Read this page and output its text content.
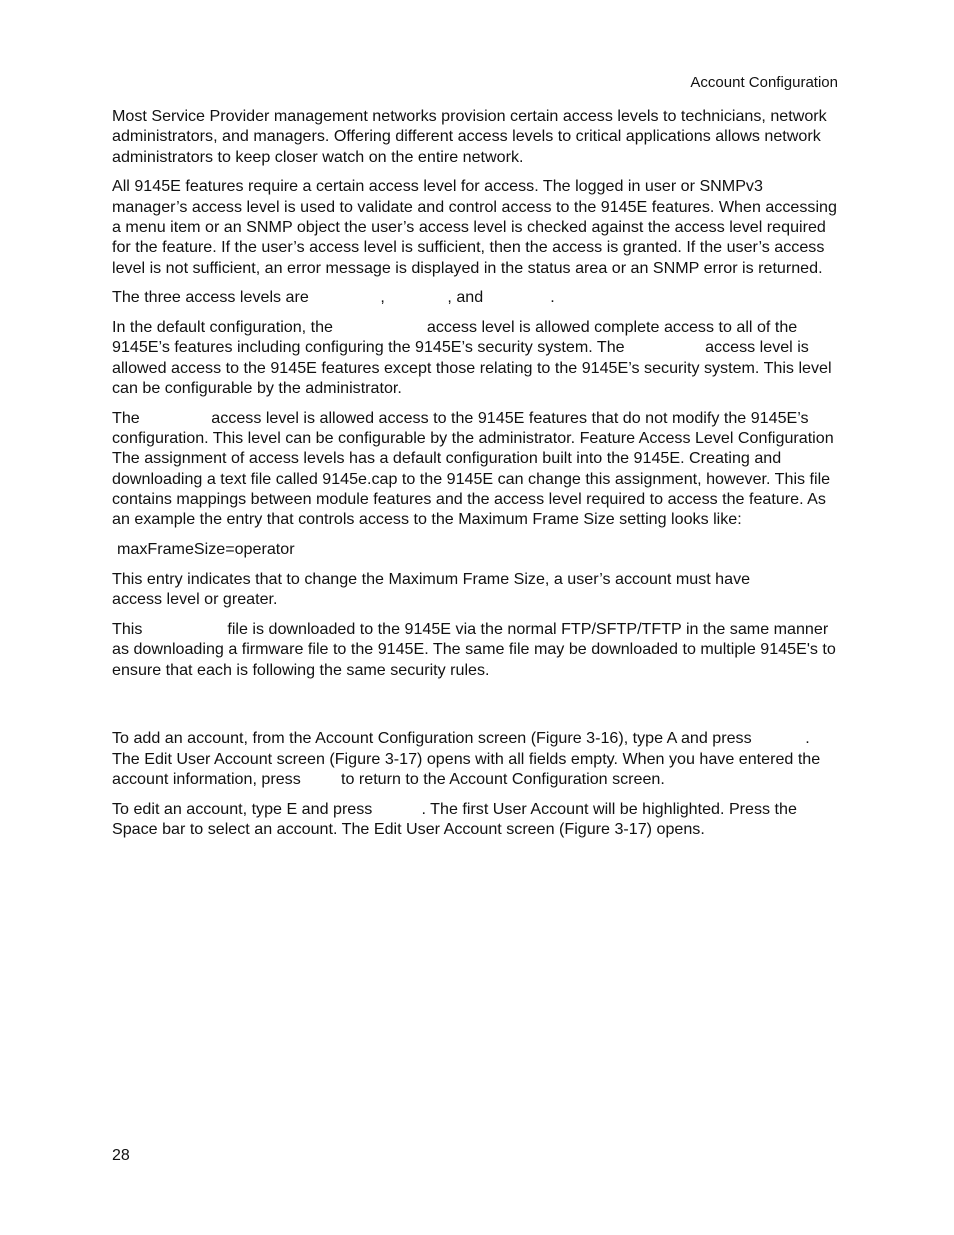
Account Configuration

Most Service Provider management networks provision certain access levels to technicians, network administrators, and managers. Offering different access levels to critical applications allows network administrators to keep closer watch on the entire network.

All 9145E features require a certain access level for access. The logged in user or SNMPv3 manager’s access level is used to validate and control access to the 9145E features. When accessing a menu item or an SNMP object the user’s access level is checked against the access level required for the feature. If the user’s access level is sufficient, then the access is granted. If the user’s access level is not sufficient, an error message is displayed in the status area or an SNMP error is returned.

The three access levels are                ,              , and               .

In the default configuration, the                     access level is allowed complete access to all of the 9145E’s features including configuring the 9145E’s security system. The                  access level is allowed access to the 9145E features except those relating to the 9145E’s security system. This level can be configurable by the administrator.

The                access level is allowed access to the 9145E features that do not modify the 9145E’s configuration. This level can be configurable by the administrator. Feature Access Level Configuration The assignment of access levels has a default configuration built into the 9145E. Creating and downloading a text file called 9145e.cap to the 9145E can change this assignment, however. This file contains mappings between module features and the access level required to access the feature. As an example the entry that controls access to the Maximum Frame Size setting looks like:

maxFrameSize=operator

This entry indicates that to change the Maximum Frame Size, a user’s account must have               access level or greater.

This                   file is downloaded to the 9145E via the normal FTP/SFTP/TFTP in the same manner as downloading a firmware file to the 9145E. The same file may be downloaded to multiple 9145E's to ensure that each is following the same security rules.

To add an account, from the Account Configuration screen (Figure 3-16), type A and press            . The Edit User Account screen (Figure 3-17) opens with all fields empty. When you have entered the account information, press         to return to the Account Configuration screen.

To edit an account, type E and press           . The first User Account will be highlighted. Press the Space bar to select an account. The Edit User Account screen (Figure 3-17) opens.

28
